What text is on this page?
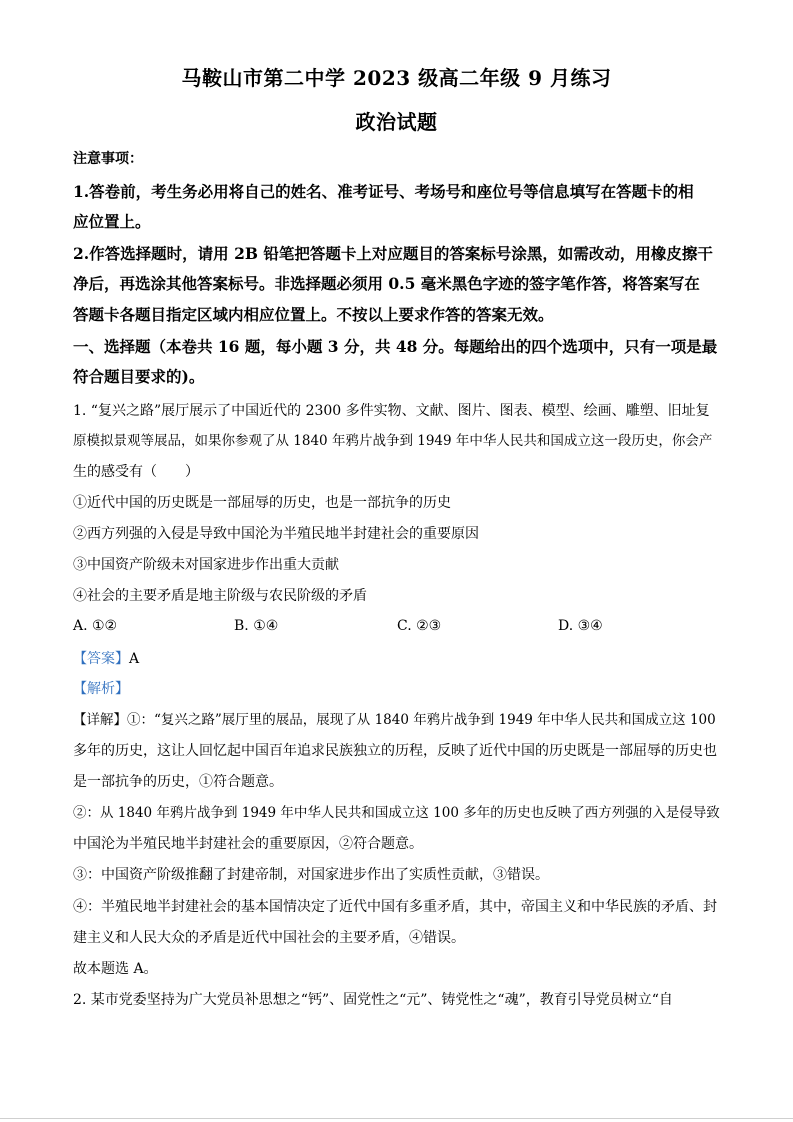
马鞍山市第二中学 2023 级高二年级 9 月练习
政治试题
注意事项：
1.答卷前，考生务必用将自己的姓名、准考证号、考场号和座位号等信息填写在答题卡的相
应位置上。
2.作答选择题时，请用 2B 铅笔把答题卡上对应题目的答案标号涂黑，如需改动，用橡皮擦干
净后，再选涂其他答案标号。非选择题必须用 0.5 毫米黑色字迹的签字笔作答，将答案写在
答题卡各题目指定区域内相应位置上。不按以上要求作答的答案无效。
一、选择题（本卷共 16 题，每小题 3 分，共 48 分。每题给出的四个选项中，只有一项是最
符合题目要求的)。
1. “复兴之路”展厅展示了中国近代的 2300 多件实物、文献、图片、图表、模型、绘画、雕塑、旧址复
原模拟景观等展品，如果你参观了从 1840 年鸦片战争到 1949 年中华人民共和国成立这一段历史，你会产
生的感受有（　　）
①近代中国的历史既是一部屈辱的历史，也是一部抗争的历史
②西方列强的入侵是导致中国沦为半殖民地半封建社会的重要原因
③中国资产阶级未对国家进步作出重大贡献
④社会的主要矛盾是地主阶级与农民阶级的矛盾
A. ①②	B. ①④	C. ②③	D. ③④
【答案】A
【解析】
【详解】①：“复兴之路”展厅里的展品，展现了从 1840 年鸦片战争到 1949 年中华人民共和国成立这 100
多年的历史，这让人回忆起中国百年追求民族独立的历程，反映了近代中国的历史既是一部屈辱的历史也
是一部抗争的历史，①符合题意。
②：从 1840 年鸦片战争到 1949 年中华人民共和国成立这 100 多年的历史也反映了西方列强的入是侵导致
中国沦为半殖民地半封建社会的重要原因，②符合题意。
③：中国资产阶级推翻了封建帝制，对国家进步作出了实质性贡献，③错误。
④：半殖民地半封建社会的基本国情决定了近代中国有多重矛盾，其中，帝国主义和中华民族的矛盾、封
建主义和人民大众的矛盾是近代中国社会的主要矛盾，④错误。
故本题选 A。
2. 某市党委坚持为广大党员补思想之“钙”、固党性之“元”、铸党性之“魂”，教育引导党员树立“自
